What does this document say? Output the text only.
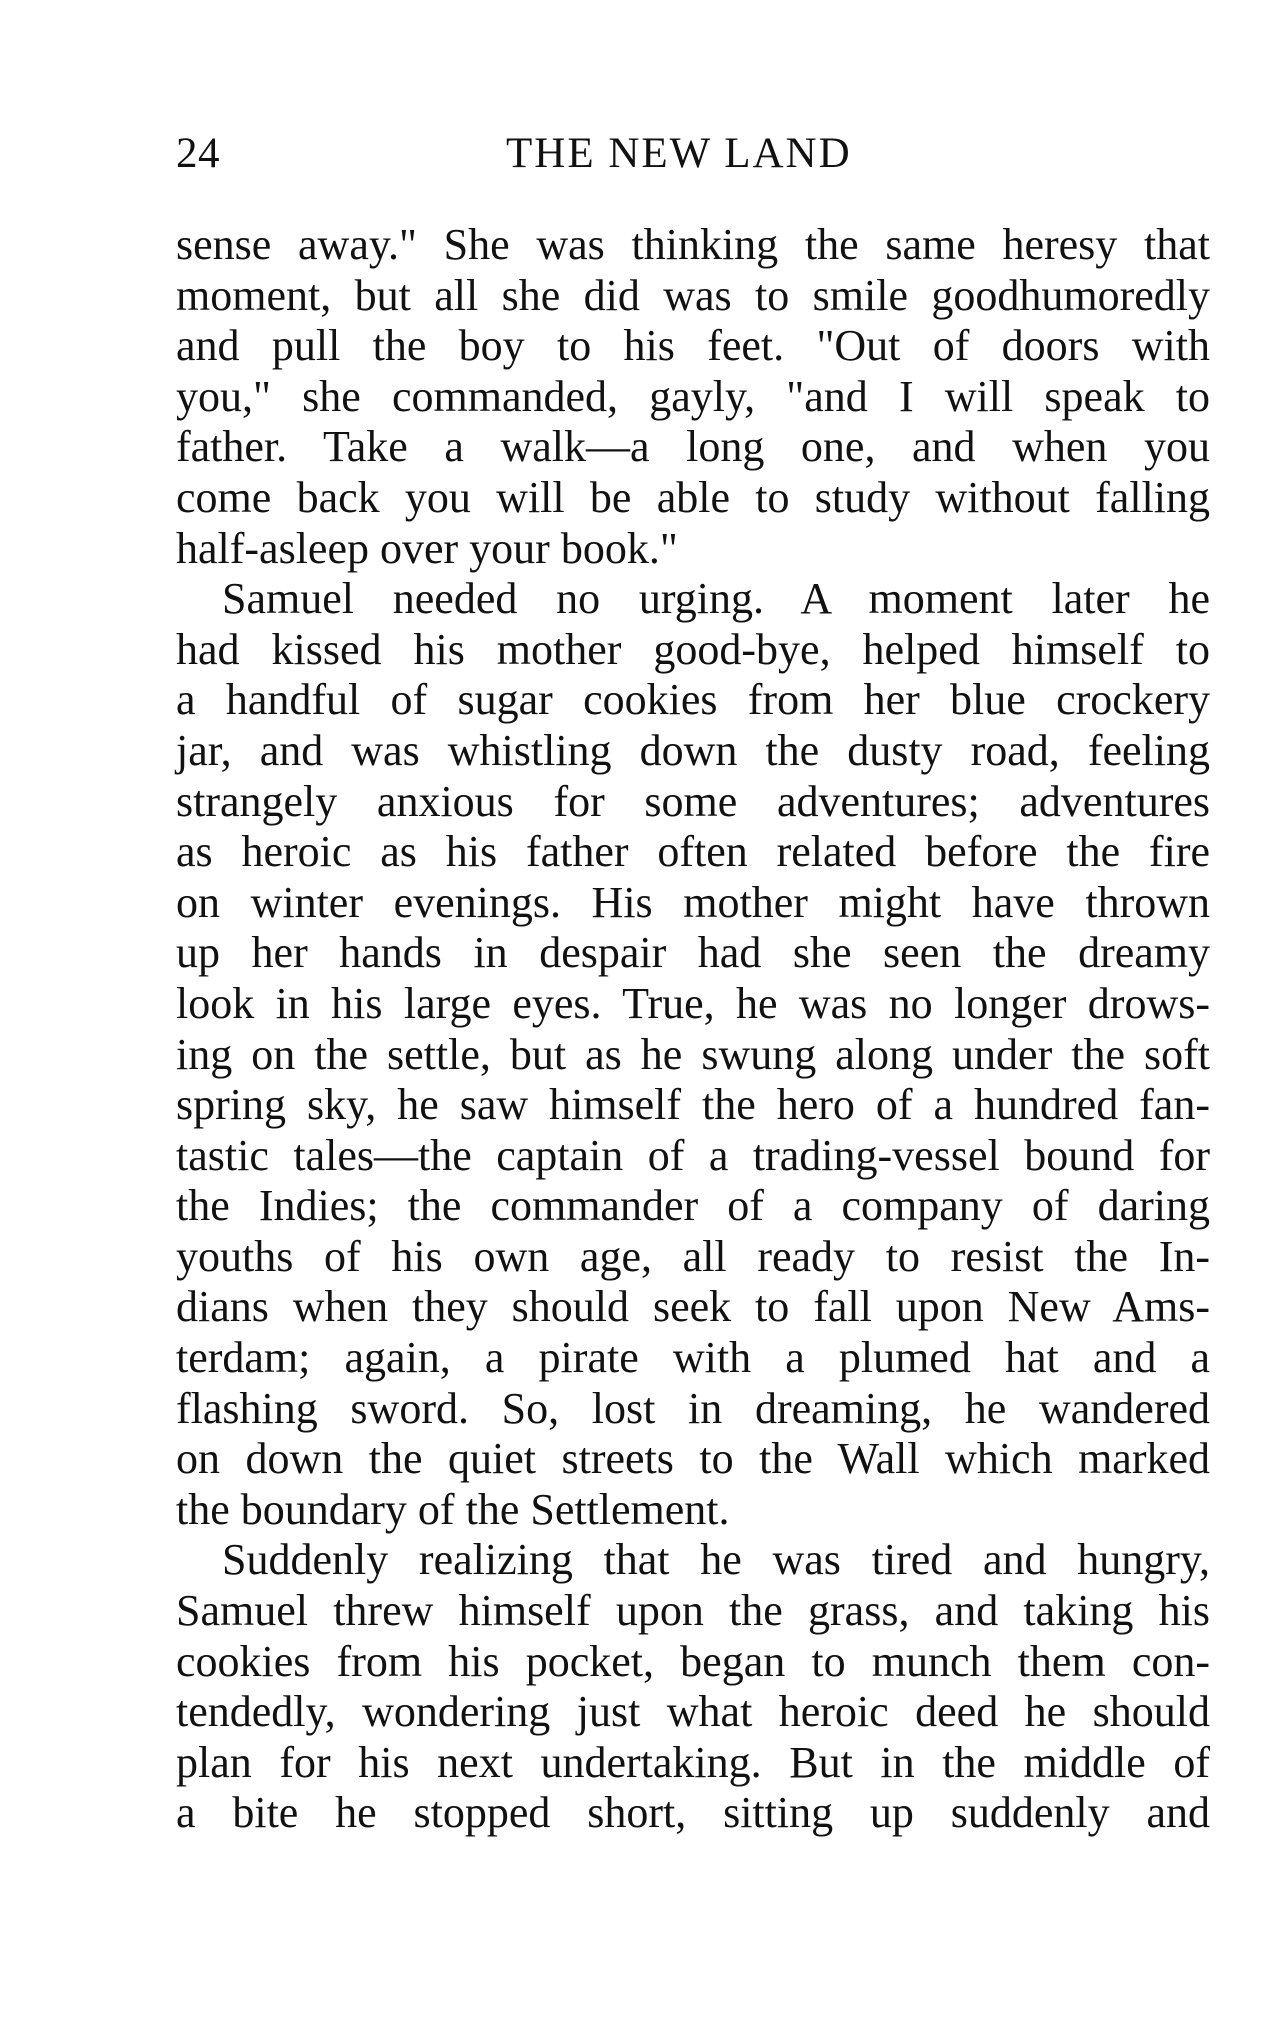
24	THE NEW LAND
sense away." She was thinking the same heresy that
moment, but all she did was to smile goodhumoredly
and pull the boy to his feet. "Out of doors with
you," she commanded, gayly, "and I will speak to
father. Take a walk—a long one, and when you
come back you will be able to study without falling
half-asleep over your book."
Samuel needed no urging. A moment later he
had kissed his mother good-bye, helped himself to
a handful of sugar cookies from her blue crockery
jar, and was whistling down the dusty road, feeling
strangely anxious for some adventures; adventures
as heroic as his father often related before the fire
on winter evenings. His mother might have thrown
up her hands in despair had she seen the dreamy
look in his large eyes. True, he was no longer drows-
ing on the settle, but as he swung along under the soft
spring sky, he saw himself the hero of a hundred fan-
tastic tales—the captain of a trading-vessel bound for
the Indies; the commander of a company of daring
youths of his own age, all ready to resist the In-
dians when they should seek to fall upon New Ams-
terdam; again, a pirate with a plumed hat and a
flashing sword. So, lost in dreaming, he wandered
on down the quiet streets to the Wall which marked
the boundary of the Settlement.
Suddenly realizing that he was tired and hungry,
Samuel threw himself upon the grass, and taking his
cookies from his pocket, began to munch them con-
tendedly, wondering just what heroic deed he should
plan for his next undertaking. But in the middle of
a bite he stopped short, sitting up suddenly and
